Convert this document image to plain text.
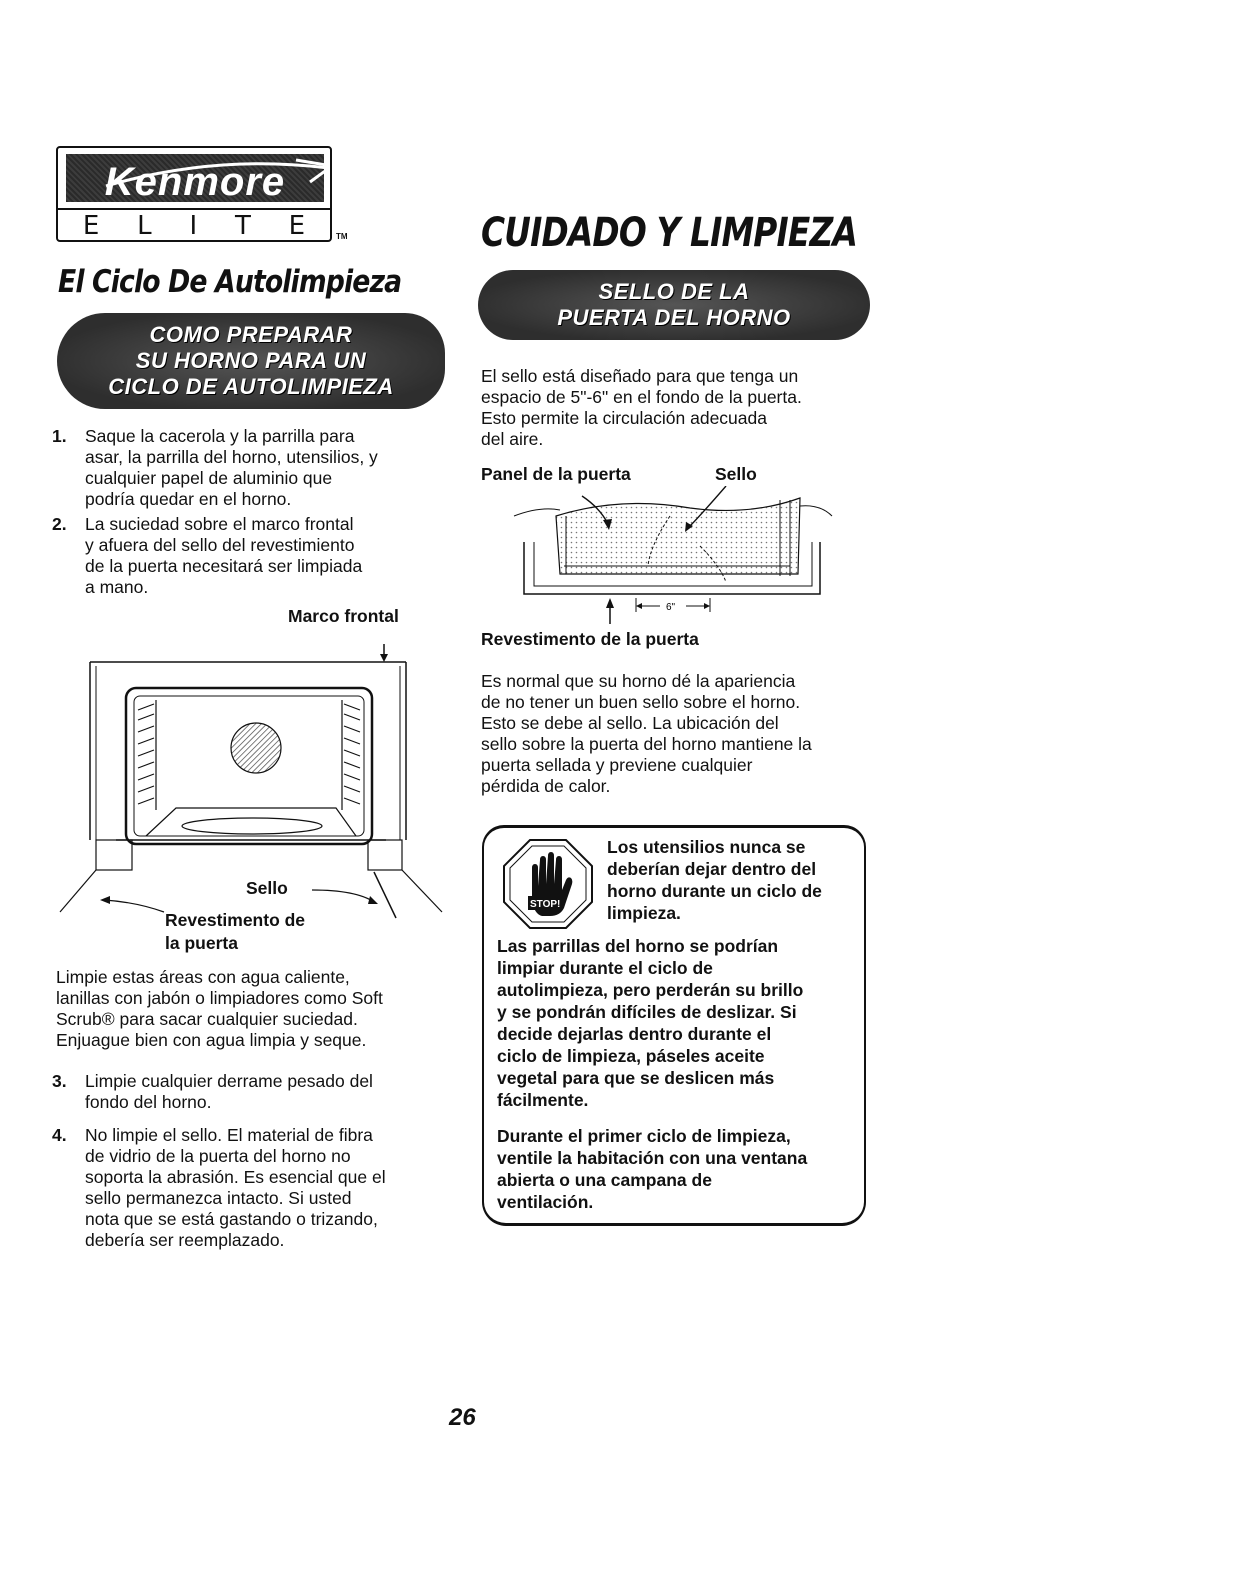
Kenmore
E L I T E	TM	CUIDADO Y LIMPIEZA
El Ciclo De Autolimpieza
COMO PREPARAR
SU HORNO PARA UN
CICLO DE AUTOLIMPIEZA
1.	Saque la cacerola y la parrilla para
asar, la parrilla del horno, utensilios, y
cualquier papel de aluminio que
podría quedar en el horno.
2.	La suciedad sobre el marco frontal
y afuera del sello del revestimiento
de la puerta necesitará ser limpiada
a mano.
Marco frontal
Sello
Revestimento de
la puerta
Limpie estas áreas con agua caliente,
lanillas con jabón o limpiadores como Soft
Scrub® para sacar cualquier suciedad.
Enjuague bien con agua limpia y seque.
3.	Limpie cualquier derrame pesado del
fondo del horno.
4.	No limpie el sello. El material de fibra
de vidrio de la puerta del horno no
soporta la abrasión. Es esencial que el
sello permanezca intacto. Si usted
nota que se está gastando o trizando,
debería ser reemplazado.
SELLO DE LA
PUERTA DEL HORNO
El sello está diseñado para que tenga un
espacio de 5"-6" en el fondo de la puerta.
Esto permite la circulación adecuada
del aire.
Panel de la puerta	Sello
Revestimento de la puerta
6"
Es normal que su horno dé la apariencia
de no tener un buen sello sobre el horno.
Esto se debe al sello. La ubicación del
sello sobre la puerta del horno mantiene la
puerta sellada y previene cualquier
pérdida de calor.
STOP!
Los utensilios nunca se
deberían dejar dentro del
horno durante un ciclo de
limpieza.
Las parrillas del horno se podrían
limpiar durante el ciclo de
autolimpieza, pero perderán su brillo
y se pondrán difíciles de deslizar. Si
decide dejarlas dentro durante el
ciclo de limpieza, páseles aceite
vegetal para que se deslicen más
fácilmente.
Durante el primer ciclo de limpieza,
ventile la habitación con una ventana
abierta o una campana de
ventilación.
26
